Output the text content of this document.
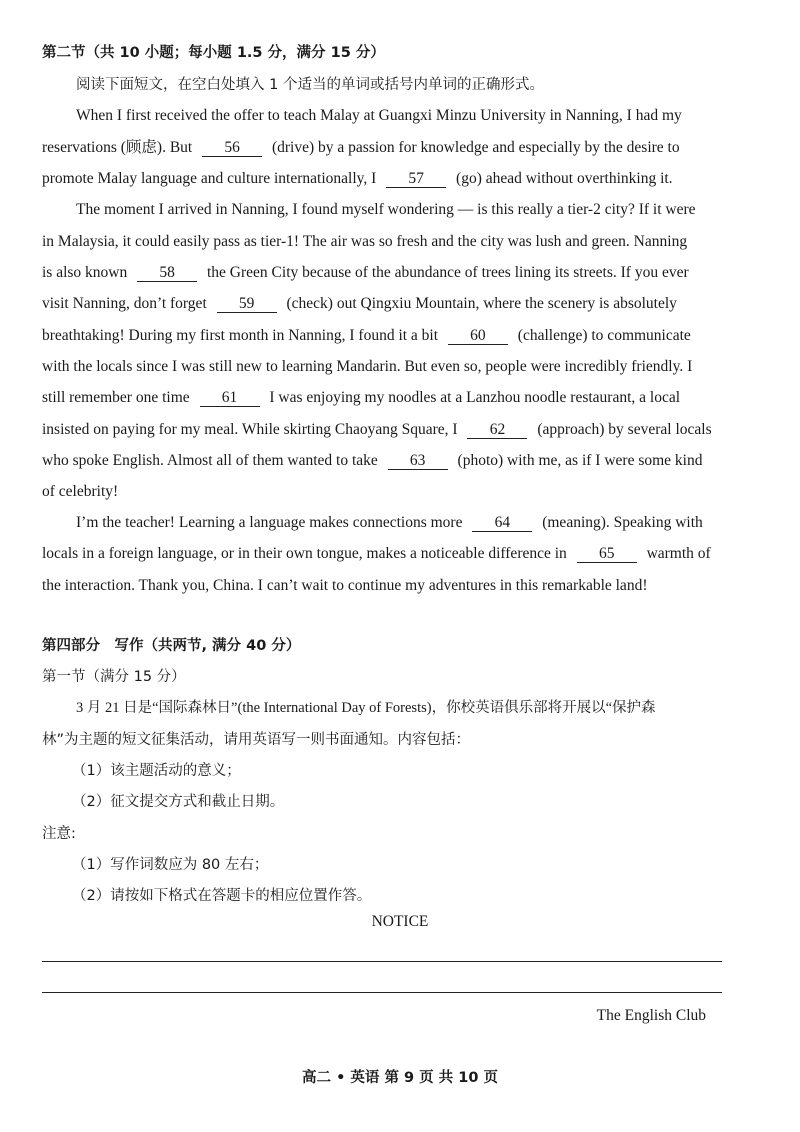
第二节（共 10 小题；每小题 1.5 分，满分 15 分）
阅读下面短文，在空白处填入 1 个适当的单词或括号内单词的正确形式。
When I first received the offer to teach Malay at Guangxi Minzu University in Nanning, I had my
reservations (顾虑). But 56 (drive) by a passion for knowledge and especially by the desire to
promote Malay language and culture internationally, I 57 (go) ahead without overthinking it.
The moment I arrived in Nanning, I found myself wondering — is this really a tier-2 city? If it were
in Malaysia, it could easily pass as tier-1! The air was so fresh and the city was lush and green. Nanning
is also known 58 the Green City because of the abundance of trees lining its streets. If you ever
visit Nanning, don’t forget 59 (check) out Qingxiu Mountain, where the scenery is absolutely
breathtaking! During my first month in Nanning, I found it a bit 60 (challenge) to communicate
with the locals since I was still new to learning Mandarin. But even so, people were incredibly friendly. I
still remember one time 61 I was enjoying my noodles at a Lanzhou noodle restaurant, a local
insisted on paying for my meal. While skirting Chaoyang Square, I 62 (approach) by several locals
who spoke English. Almost all of them wanted to take 63 (photo) with me, as if I were some kind
of celebrity!
I’m the teacher! Learning a language makes connections more 64 (meaning). Speaking with
locals in a foreign language, or in their own tongue, makes a noticeable difference in 65 warmth of
the interaction. Thank you, China. I can’t wait to continue my adventures in this remarkable land!
第四部分　写作（共两节, 满分 40 分）
第一节（满分 15 分）
3 月 21 日是“国际森林日”(the International Day of Forests)，你校英语俱乐部将开展以“保护森
林”为主题的短文征集活动，请用英语写一则书面通知。内容包括：
（1）该主题活动的意义；
（2）征文提交方式和截止日期。
注意:
（1）写作词数应为 80 左右；
（2）请按如下格式在答题卡的相应位置作答。
NOTICE
The English Club
高二 • 英语 第 9 页 共 10 页
